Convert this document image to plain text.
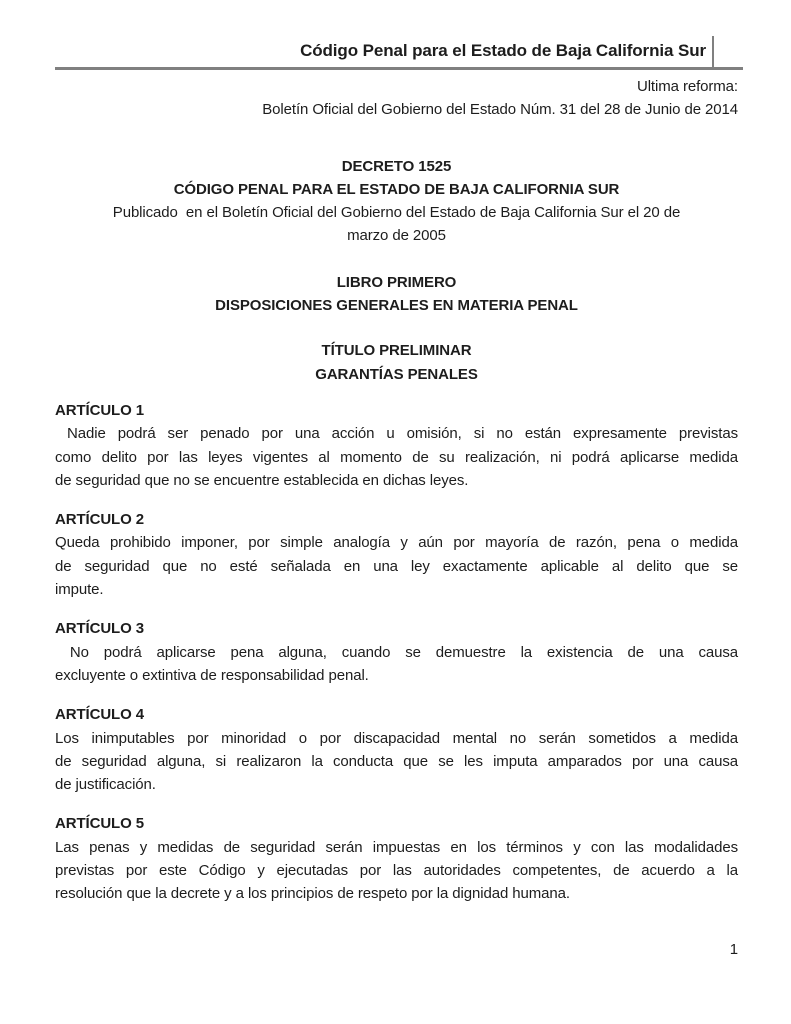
Código Penal para el Estado de Baja California Sur
Ultima reforma:
Boletín Oficial del Gobierno del Estado Núm. 31 del 28 de Junio de 2014
DECRETO 1525
CÓDIGO PENAL PARA EL ESTADO DE BAJA CALIFORNIA SUR
Publicado  en el Boletín Oficial del Gobierno del Estado de Baja California Sur el 20 de
marzo de 2005
LIBRO PRIMERO
DISPOSICIONES GENERALES EN MATERIA PENAL
TÍTULO PRELIMINAR
GARANTÍAS PENALES
ARTÍCULO 1
Nadie podrá ser penado por una acción u omisión, si no están expresamente previstas
como delito por las leyes vigentes al momento de su realización, ni podrá aplicarse medida
de seguridad que no se encuentre establecida en dichas leyes.
ARTÍCULO 2
Queda prohibido imponer, por simple analogía y aún por mayoría de razón, pena o medida
de seguridad que no esté señalada en una ley exactamente aplicable al delito que se
impute.
ARTÍCULO 3
No podrá aplicarse pena alguna, cuando se demuestre la existencia de una causa
excluyente o extintiva de responsabilidad penal.
ARTÍCULO 4
Los inimputables por minoridad o por discapacidad mental no serán sometidos a medida
de seguridad alguna, si realizaron la conducta que se les imputa amparados por una causa
de justificación.
ARTÍCULO 5
Las penas y medidas de seguridad serán impuestas en los términos y con las modalidades
previstas por este Código y ejecutadas por las autoridades competentes, de acuerdo a la
resolución que la decrete y a los principios de respeto por la dignidad humana.
1
